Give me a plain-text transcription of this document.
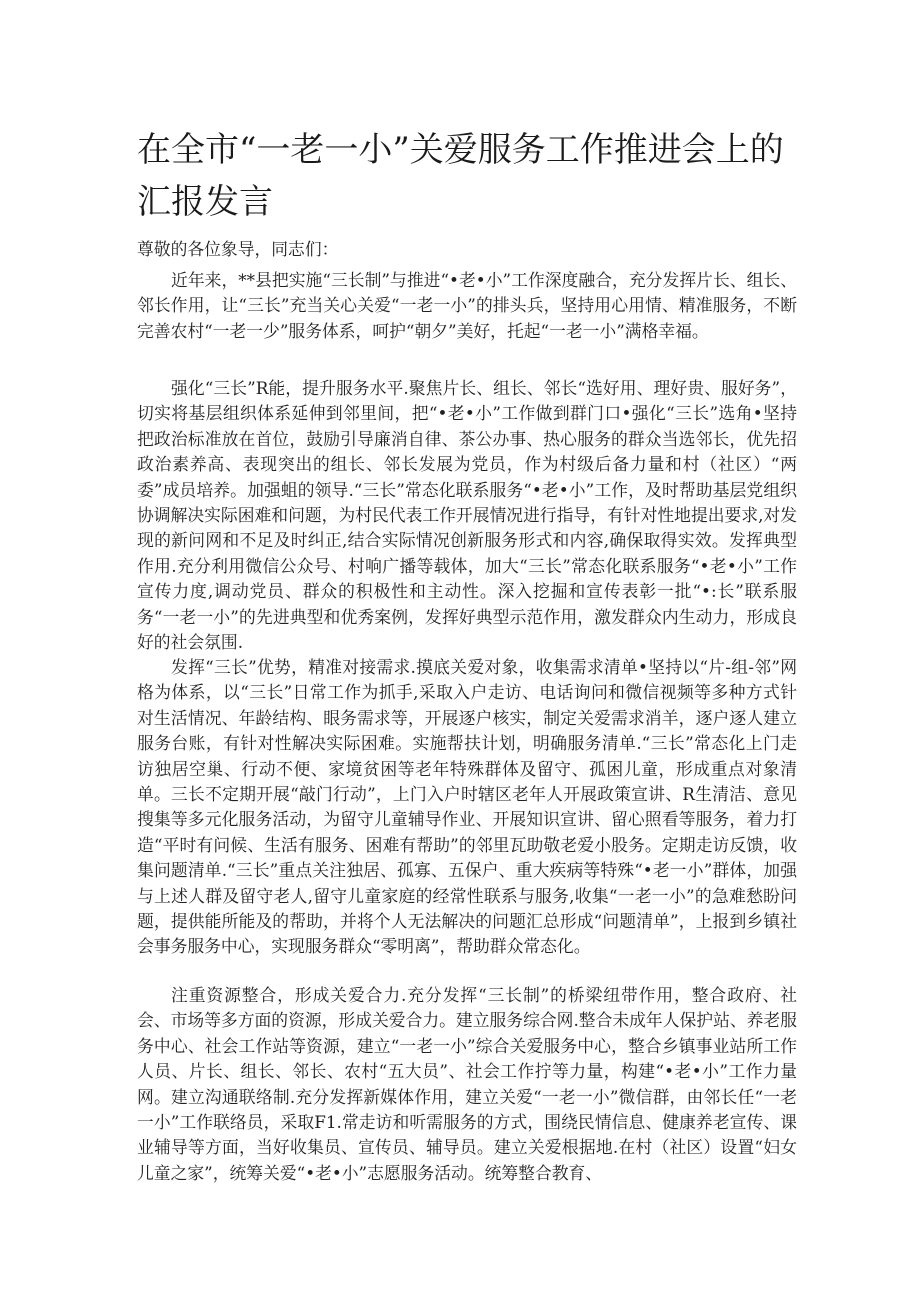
在全市“一老一小”关爱服务工作推进会上的汇报发言

尊敬的各位象导，同志们：

近年来，**县把实施“三长制”与推进“•老•小”工作深度融合，充分发挥片长、组长、邻长作用，让“三长”充当关心关爱“一老一小”的排头兵，坚持用心用情、精准服务，不断完善农村“一老一少”服务体系，呵护“朝夕”美好，托起“一老一小”满格幸福。

强化“三长”R能，提升服务水平.聚焦片长、组长、邻长“选好用、理好贵、服好务”，切实将基层组织体系延伸到邻里间，把“•老•小”工作做到群门口•强化“三长”选角•坚持把政治标准放在首位，鼓励引导廉消自律、茶公办事、热心服务的群众当选邻长，优先招政治素养高、表现突出的组长、邻长发展为党员，作为村级后备力量和村（社区）“两委”成员培养。加强蛆的领导.“三长”常态化联系服务“•老•小”工作，及时帮助基层党组织协调解决实际困难和问题，为村民代表工作开展情况进行指导，有针对性地提出要求,对发现的新问网和不足及时纠正,结合实际情况创新服务形式和内容,确保取得实效。发挥典型作用.充分利用微信公众号、村响广播等载体，加大“三长”常态化联系服务“•老•小”工作宣传力度,调动党员、群众的积极性和主动性。深入挖掘和宣传表彰一批“•:长”联系服务“一老一小”的先进典型和优秀案例，发挥好典型示范作用，激发群众内生动力，形成良好的社会氛围.

发挥“三长”优势，精准对接需求.摸底关爱对象，收集需求清单•坚持以“片-组-邻”网格为体系，以“三长”日常工作为抓手,采取入户走访、电话询问和微信视频等多种方式针对生活情况、年龄结构、眼务需求等，开展逐户核实，制定关爱需求消羊，逐户逐人建立服务台账，有针对性解决实际困难。实施帮扶计划，明确服务清单.“三长”常态化上门走访独居空巢、行动不便、家境贫困等老年特殊群体及留守、孤困儿童，形成重点对象清单。三长不定期开展“敲门行动”，上门入户时辖区老年人开展政策宣讲、R生清洁、意见搜集等多元化服务活动，为留守儿童辅导作业、开展知识宣讲、留心照看等服务，着力打造“平时有问候、生活有服务、困难有帮助”的邻里瓦助敬老爱小股务。定期走访反馈，收集问题清单.“三长”重点关注独居、孤寡、五保户、重大疾病等特殊“•老一小”群体，加强与上述人群及留守老人,留守儿童家庭的经常性联系与服务,收集“一老一小”的急难愁盼问题，提供能所能及的帮助，并将个人无法解决的问题汇总形成“问题清单”，上报到乡镇社会事务服务中心，实现服务群众“零明离”，帮助群众常态化。

注重资源整合，形成关爱合力.充分发挥“三长制”的桥梁纽带作用，整合政府、社会、市场等多方面的资源，形成关爱合力。建立服务综合网.整合未成年人保护站、养老服务中心、社会工作站等资源，建立“一老一小”综合关爱服务中心，整合乡镇事业站所工作人员、片长、组长、邻长、农村“五大员”、社会工作拧等力量，构建“•老•小”工作力量网。建立沟通联络制.充分发挥新媒体作用，建立关爱“一老一小”微信群，由邻长任“一老一小”工作联络员，采取F1.常走访和听需服务的方式，围绕民情信息、健康养老宣传、课业辅导等方面，当好收集员、宣传员、辅导员。建立关爱根据地.在村（社区）设置“妇女儿童之家”，统筹关爱“•老•小”志愿服务活动。统筹整合教育、
